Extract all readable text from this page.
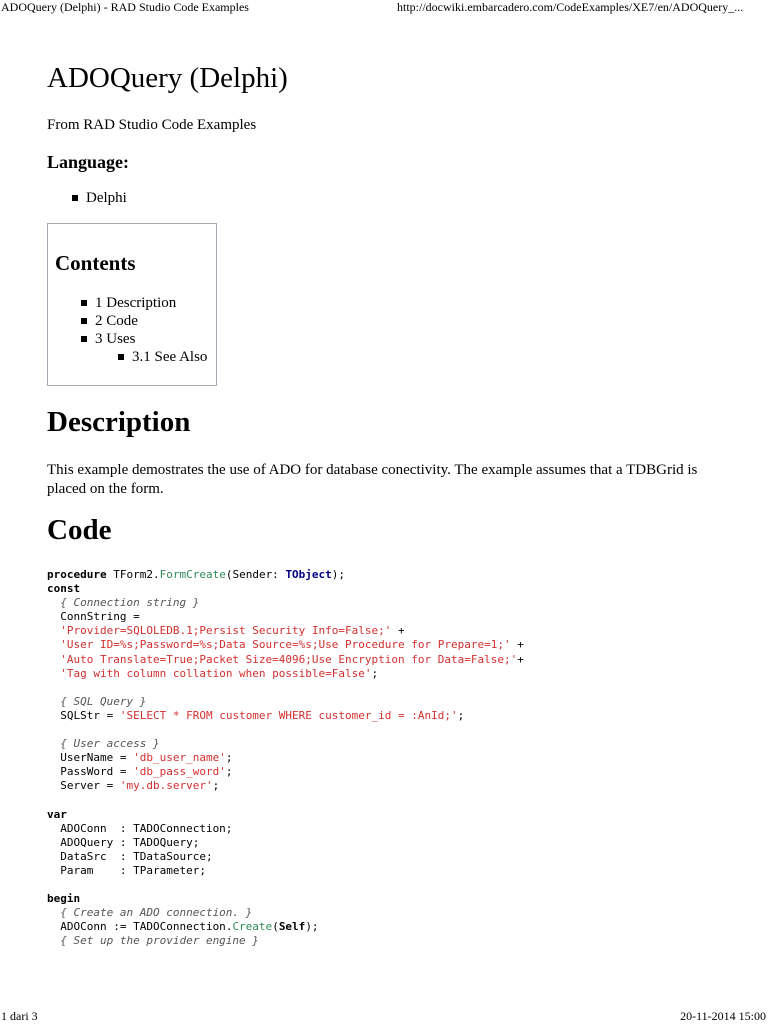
ADOQuery (Delphi) - RAD Studio Code Examples	http://docwiki.embarcadero.com/CodeExamples/XE7/en/ADOQuery_...
ADOQuery (Delphi)
From RAD Studio Code Examples
Language:
Delphi
Contents
1 Description
2 Code
3 Uses
3.1 See Also
Description
This example demostrates the use of ADO for database conectivity. The example assumes that a TDBGrid is placed on the form.
Code
procedure TForm2.FormCreate(Sender: TObject);
const
{ Connection string }
ConnString =
'Provider=SQLOLEDB.1;Persist Security Info=False;' +
'User ID=%s;Password=%s;Data Source=%s;Use Procedure for Prepare=1;' +
'Auto Translate=True;Packet Size=4096;Use Encryption for Data=False;'+
'Tag with column collation when possible=False';

{ SQL Query }
SQLStr = 'SELECT * FROM customer WHERE customer_id = :AnId;';

{ User access }
UserName = 'db_user_name';
PassWord = 'db_pass_word';
Server = 'my.db.server';

var
ADOConn  : TADOConnection;
ADOQuery : TADOQuery;
DataSrc  : TDataSource;
Param    : TParameter;

begin
{ Create an ADO connection. }
ADOConn := TADOConnection.Create(Self);
{ Set up the provider engine }
1 dari 3	20-11-2014 15:00
